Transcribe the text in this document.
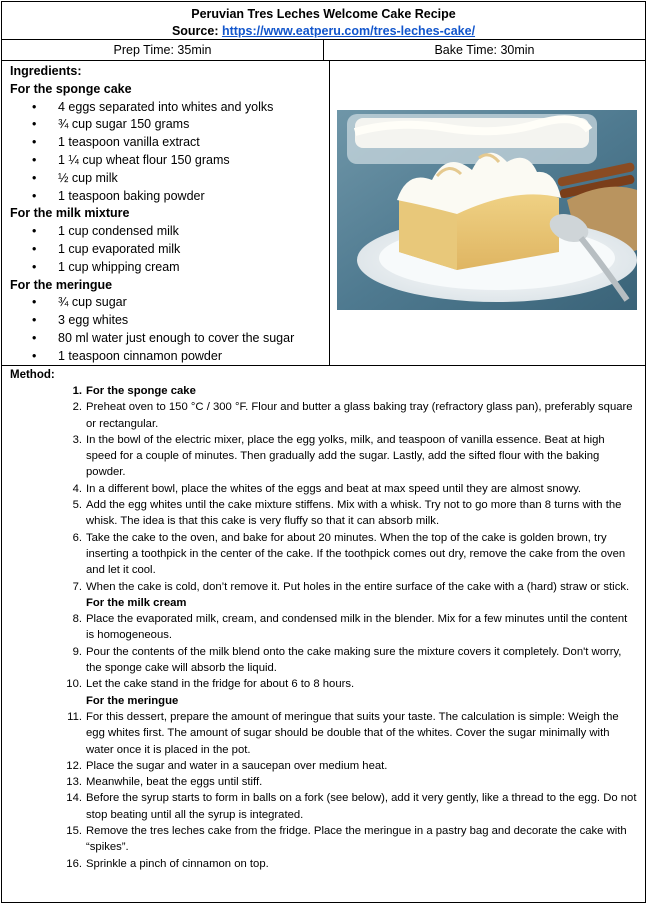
Peruvian Tres Leches Welcome Cake Recipe
Source: https://www.eatperu.com/tres-leches-cake/
Prep Time: 35min	Bake Time: 30min
Ingredients:
For the sponge cake
• 4 eggs separated into whites and yolks
• ¾ cup sugar 150 grams
• 1 teaspoon vanilla extract
• 1 ¼ cup wheat flour 150 grams
• ½ cup milk
• 1 teaspoon baking powder
For the milk mixture
• 1 cup condensed milk
• 1 cup evaporated milk
• 1 cup whipping cream
For the meringue
• ¾ cup sugar
• 3 egg whites
• 80 ml water just enough to cover the sugar
• 1 teaspoon cinnamon powder
Method:
1. For the sponge cake
2. Preheat oven to 150 °C / 300 °F. Flour and butter a glass baking tray (refractory glass pan), preferably square or rectangular.
3. In the bowl of the electric mixer, place the egg yolks, milk, and teaspoon of vanilla essence. Beat at high speed for a couple of minutes. Then gradually add the sugar. Lastly, add the sifted flour with the baking powder.
4. In a different bowl, place the whites of the eggs and beat at max speed until they are almost snowy.
5. Add the egg whites until the cake mixture stiffens. Mix with a whisk. Try not to go more than 8 turns with the whisk. The idea is that this cake is very fluffy so that it can absorb milk.
6. Take the cake to the oven, and bake for about 20 minutes. When the top of the cake is golden brown, try inserting a toothpick in the center of the cake. If the toothpick comes out dry, remove the cake from the oven and let it cool.
7. When the cake is cold, don’t remove it. Put holes in the entire surface of the cake with a (hard) straw or stick.
For the milk cream
8. Place the evaporated milk, cream, and condensed milk in the blender. Mix for a few minutes until the content is homogeneous.
9. Pour the contents of the milk blend onto the cake making sure the mixture covers it completely. Don't worry, the sponge cake will absorb the liquid.
10. Let the cake stand in the fridge for about 6 to 8 hours.
For the meringue
11. For this dessert, prepare the amount of meringue that suits your taste. The calculation is simple: Weigh the egg whites first. The amount of sugar should be double that of the whites. Cover the sugar minimally with water once it is placed in the pot.
12. Place the sugar and water in a saucepan over medium heat.
13. Meanwhile, beat the eggs until stiff.
14. Before the syrup starts to form in balls on a fork (see below), add it very gently, like a thread to the egg. Do not stop beating until all the syrup is integrated.
15. Remove the tres leches cake from the fridge. Place the meringue in a pastry bag and decorate the cake with “spikes”.
16. Sprinkle a pinch of cinnamon on top.
